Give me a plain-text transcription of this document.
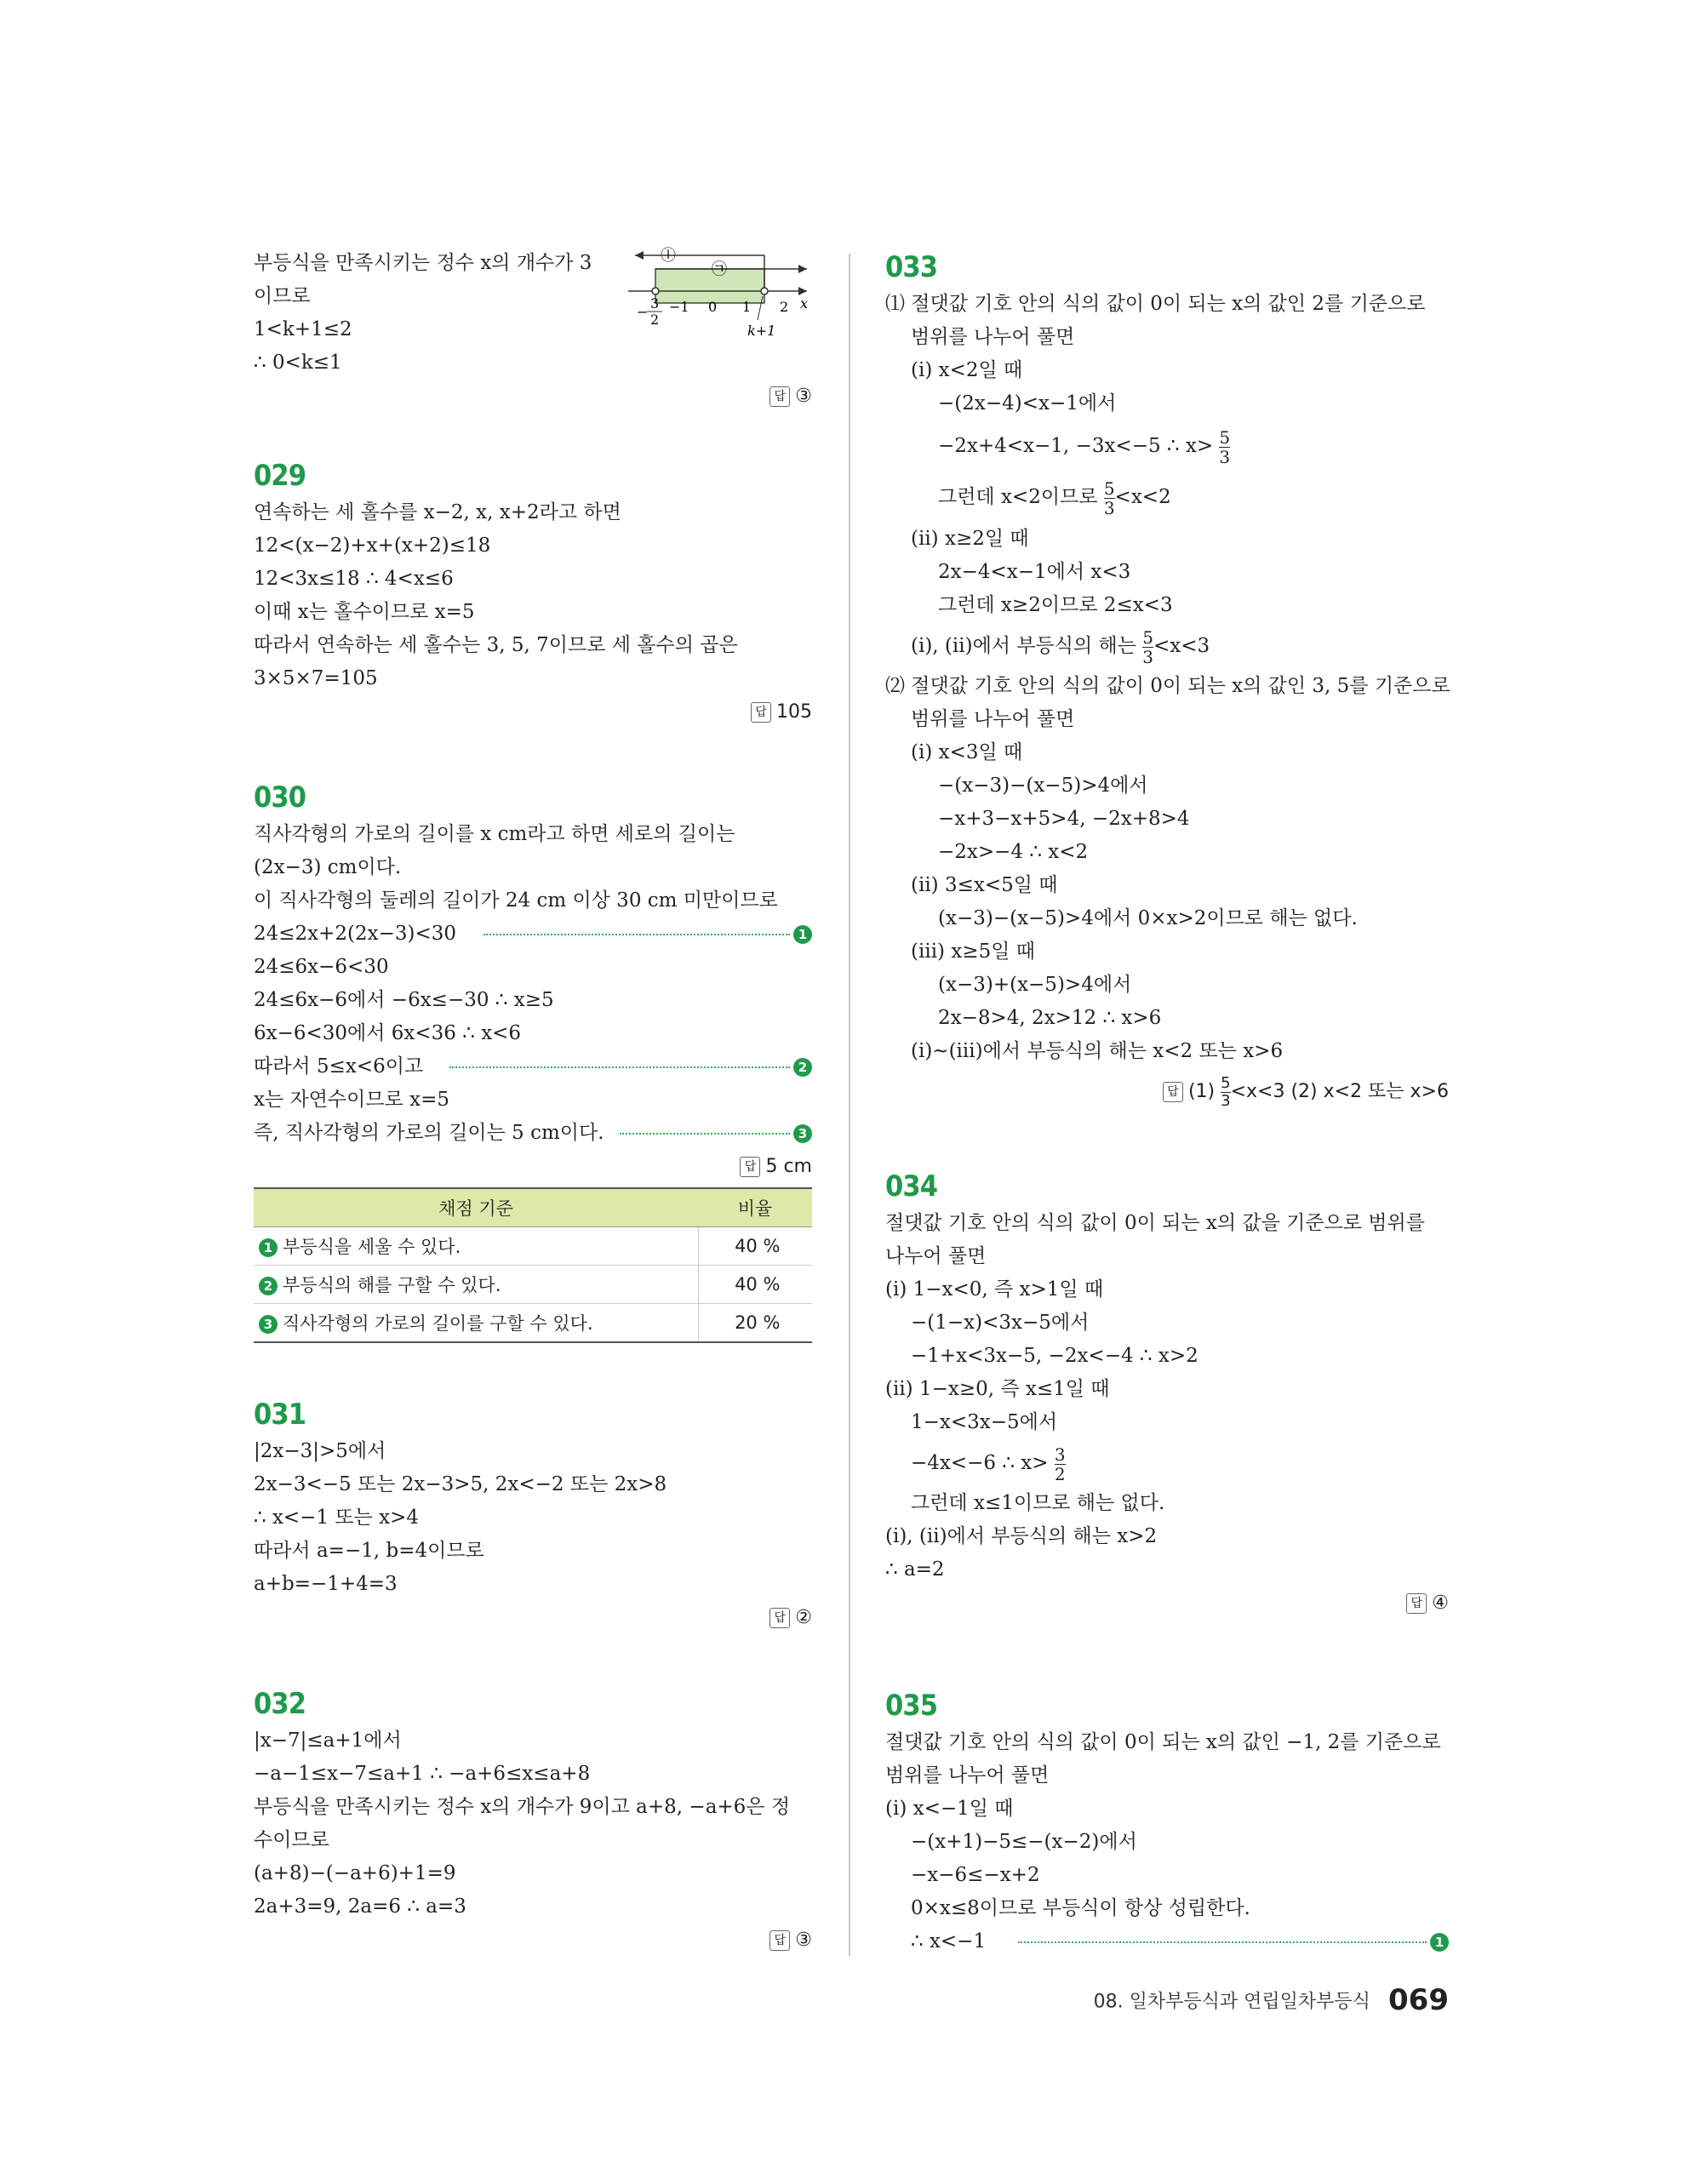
부등식을 만족시키는 정수 x의 개수가 3
이므로
1<k+1≤2
∴ 0<k≤1
ⓛ
㉠
3
2
− −1 0 1 2 x
k+1
답 ③
029
연속하는 세 홀수를 x−2, x, x+2라고 하면
12<(x−2)+x+(x+2)≤18
12<3x≤18 ∴ 4<x≤6
이때 x는 홀수이므로 x=5
따라서 연속하는 세 홀수는 3, 5, 7이므로 세 홀수의 곱은
3×5×7=105
답 105
030
직사각형의 가로의 길이를 x cm라고 하면 세로의 길이는
(2x−3) cm이다.
이 직사각형의 둘레의 길이가 24 cm 이상 30 cm 미만이므로
24≤2x+2(2x−3)<30	1
24≤6x−6<30
24≤6x−6에서 −6x≤−30 ∴ x≥5
6x−6<30에서 6x<36 ∴ x<6
따라서 5≤x<6이고	2
x는 자연수이므로 x=5
즉, 직사각형의 가로의 길이는 5 cm이다.	3
답 5 cm
채점 기준	비율
1 부등식을 세울 수 있다.	40 %
2 부등식의 해를 구할 수 있다.	40 %
3 직사각형의 가로의 길이를 구할 수 있다.	20 %
031
|2x−3|>5에서
2x−3<−5 또는 2x−3>5, 2x<−2 또는 2x>8
∴ x<−1 또는 x>4
따라서 a=−1, b=4이므로
a+b=−1+4=3
답 ②
032
|x−7|≤a+1에서
−a−1≤x−7≤a+1 ∴ −a+6≤x≤a+8
부등식을 만족시키는 정수 x의 개수가 9이고 a+8, −a+6은 정
수이므로
(a+8)−(−a+6)+1=9
2a+3=9, 2a=6 ∴ a=3
답 ③
033
⑴ 절댓값 기호 안의 식의 값이 0이 되는 x의 값인 2를 기준으로
범위를 나누어 풀면
(ⅰ) x<2일 때
−(2x−4)<x−1에서
−2x+4<x−1, −3x<−5 ∴ $x> \frac{5}{3}$
그런데 x<2이므로 $\frac{5}{3} <x<2$
(ⅱ) x≥2일 때
2x−4<x−1에서 x<3
그런데 x≥2이므로 2≤x<3
(ⅰ), (ⅱ)에서 부등식의 해는 $\frac{5}{3} <x<3$
⑵ 절댓값 기호 안의 식의 값이 0이 되는 x의 값인 3, 5를 기준으로
범위를 나누어 풀면
(ⅰ) x<3일 때
−(x−3)−(x−5)>4에서
−x+3−x+5>4, −2x+8>4
−2x>−4 ∴ x<2
(ⅱ) 3≤x<5일 때
(x−3)−(x−5)>4에서 0×x>2이므로 해는 없다.
(ⅲ) x≥5일 때
(x−3)+(x−5)>4에서
2x−8>4, 2x>12 ∴ x>6
(ⅰ)~(ⅲ)에서 부등식의 해는 x<2 또는 x>6
답 $(1) \frac{5}{3} <x<3$ (2) x<2 또는 x>6
034
절댓값 기호 안의 식의 값이 0이 되는 x의 값을 기준으로 범위를
나누어 풀면
(ⅰ) 1−x<0, 즉 x>1일 때
−(1−x)<3x−5에서
−1+x<3x−5, −2x<−4 ∴ x>2
(ⅱ) 1−x≥0, 즉 x≤1일 때
1−x<3x−5에서
−4x<−6 ∴ $x> \frac{3}{2}$
그런데 x≤1이므로 해는 없다.
(ⅰ), (ⅱ)에서 부등식의 해는 x>2
∴ a=2
답 ④
035
절댓값 기호 안의 식의 값이 0이 되는 x의 값인 −1, 2를 기준으로
범위를 나누어 풀면
(ⅰ) x<−1일 때
−(x+1)−5≤−(x−2)에서
−x−6≤−x+2
0×x≤8이므로 부등식이 항상 성립한다.
∴ x<−1	1
08. 일차부등식과 연립일차부등식 069
